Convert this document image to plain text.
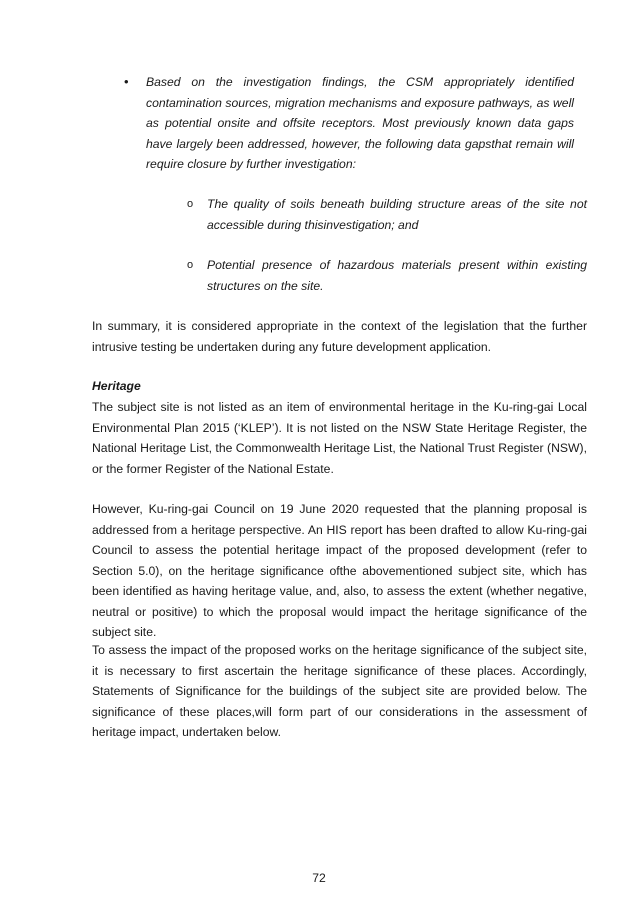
• Based on the investigation findings, the CSM appropriately identified contamination sources, migration mechanisms and exposure pathways, as well as potential onsite and offsite receptors. Most previously known data gaps have largely been addressed, however, the following data gapsthat remain will require closure by further investigation:
o The quality of soils beneath building structure areas of the site not accessible during thisinvestigation; and
o Potential presence of hazardous materials present within existing structures on the site.

In summary, it is considered appropriate in the context of the legislation that the further intrusive testing be undertaken during any future development application.

Heritage

The subject site is not listed as an item of environmental heritage in the Ku-ring-gai Local Environmental Plan 2015 (‘KLEP’). It is not listed on the NSW State Heritage Register, the National Heritage List, the Commonwealth Heritage List, the National Trust Register (NSW), or the former Register of the National Estate.

However, Ku-ring-gai Council on 19 June 2020 requested that the planning proposal is addressed from a heritage perspective. An HIS report has been drafted to allow Ku-ring-gai Council to assess the potential heritage impact of the proposed development (refer to Section 5.0), on the heritage significance ofthe abovementioned subject site, which has been identified as having heritage value, and, also, to assess the extent (whether negative, neutral or positive) to which the proposal would impact the heritage significance of the subject site.

To assess the impact of the proposed works on the heritage significance of the subject site, it is necessary to first ascertain the heritage significance of these places. Accordingly, Statements of Significance for the buildings of the subject site are provided below. The significance of these places,will form part of our considerations in the assessment of heritage impact, undertaken below.

72
